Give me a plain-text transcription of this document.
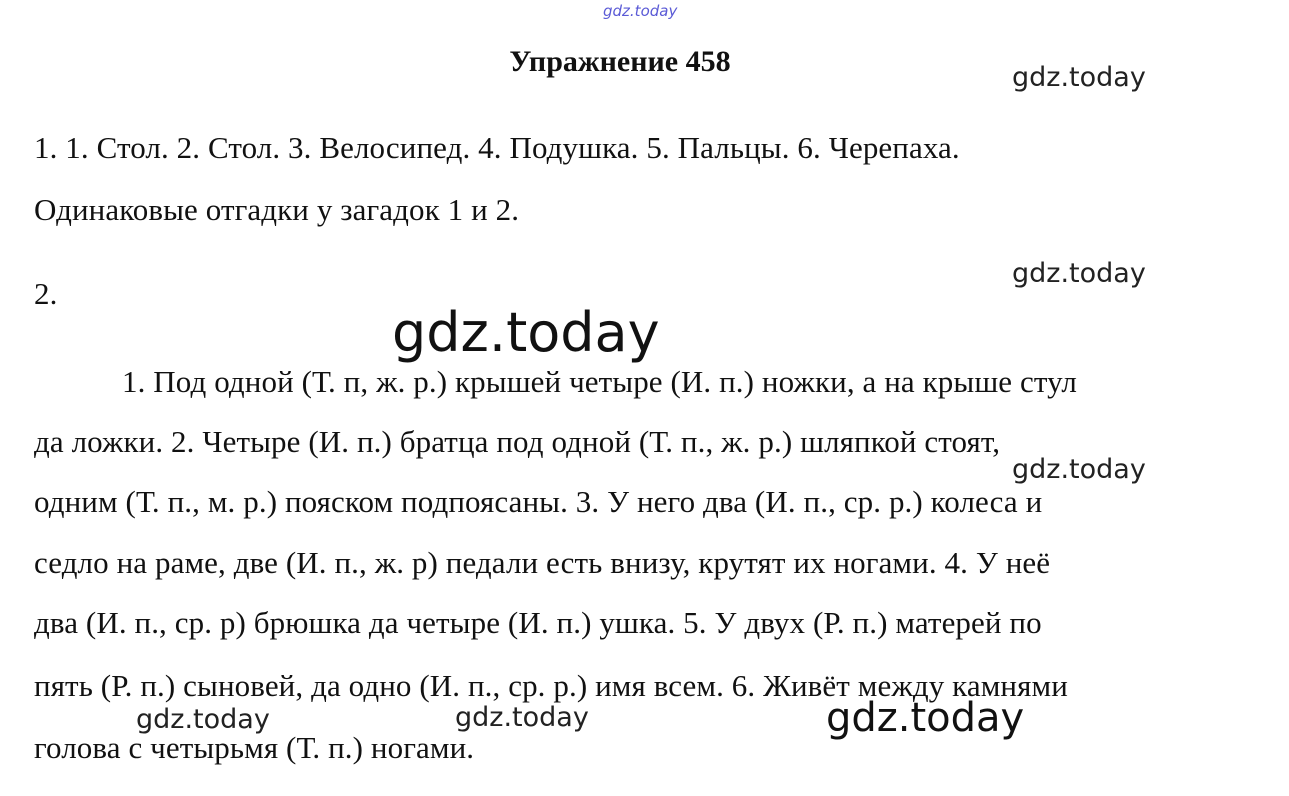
gdz.today
Упражнение 458	gdz.today
1. 1. Стол. 2. Стол. 3. Велосипед. 4. Подушка. 5. Пальцы. 6. Черепаха.
Одинаковые отгадки у загадок 1 и 2.
gdz.today
2.
gdz.today
1. Под одной (Т. п, ж. р.) крышей четыре (И. п.) ножки, а на крыше стул
да ложки. 2. Четыре (И. п.) братца под одной (Т. п., ж. р.) шляпкой стоят,
gdz.today
одним (Т. п., м. р.) пояском подпоясаны. 3. У него два (И. п., ср. р.) колеса и
седло на раме, две (И. п., ж. р) педали есть внизу, крутят их ногами. 4. У неё
два (И. п., ср. р) брюшка да четыре (И. п.) ушка. 5. У двух (Р. п.) матерей по
пять (Р. п.) сыновей, да одно (И. п., ср. р.) имя всем. 6. Живёт между камнями
gdz.today	gdz.today	gdz.today
голова с четырьмя (Т. п.) ногами.
